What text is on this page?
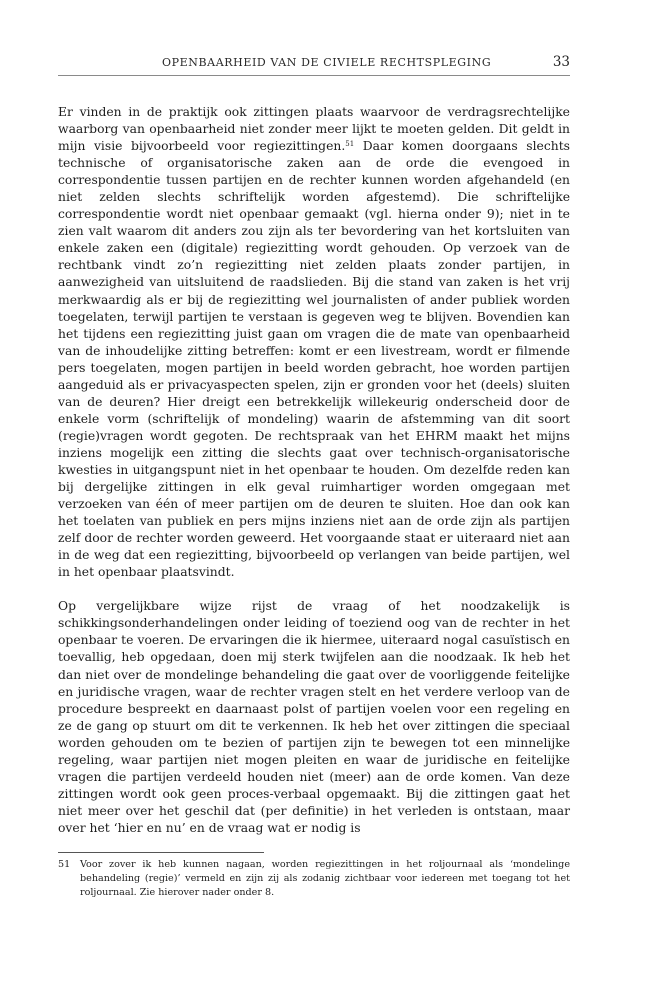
OPENBAARHEID VAN DE CIVIELE RECHTSPLEGING	33

Er vinden in de praktijk ook zittingen plaats waarvoor de verdragsrechtelijke waarborg van openbaarheid niet zonder meer lijkt te moeten gelden. Dit geldt in mijn visie bijvoorbeeld voor regiezittingen.$^{51}$ Daar komen doorgaans slechts technische of organisatorische zaken aan de orde die evengoed in correspondentie tussen partijen en de rechter kunnen worden afgehandeld (en niet zelden slechts schriftelijk worden afgestemd). Die schriftelijke correspondentie wordt niet openbaar gemaakt (vgl. hierna onder 9); niet in te zien valt waarom dit anders zou zijn als ter bevordering van het kortsluiten van enkele zaken een (digitale) regiezitting wordt gehouden. Op verzoek van de rechtbank vindt zo’n regiezitting niet zelden plaats zonder partijen, in aanwezigheid van uitsluitend de raadslieden. Bij die stand van zaken is het vrij merkwaardig als er bij de regiezitting wel journalisten of ander publiek worden toegelaten, terwijl partijen te verstaan is gegeven weg te blijven. Bovendien kan het tijdens een regiezitting juist gaan om vragen die de mate van openbaarheid van de inhoudelijke zitting betreffen: komt er een livestream, wordt er filmende pers toegelaten, mogen partijen in beeld worden gebracht, hoe worden partijen aangeduid als er privacyaspecten spelen, zijn er gronden voor het (deels) sluiten van de deuren? Hier dreigt een betrekkelijk willekeurig onderscheid door de enkele vorm (schriftelijk of mondeling) waarin de afstemming van dit soort (regie)vragen wordt gegoten. De rechtspraak van het EHRM maakt het mijns inziens mogelijk een zitting die slechts gaat over technisch-organisatorische kwesties in uitgangspunt niet in het openbaar te houden. Om dezelfde reden kan bij dergelijke zittingen in elk geval ruimhartiger worden omgegaan met verzoeken van één of meer partijen om de deuren te sluiten. Hoe dan ook kan het toelaten van publiek en pers mijns inziens niet aan de orde zijn als partijen zelf door de rechter worden geweerd. Het voorgaande staat er uiteraard niet aan in de weg dat een regiezitting, bijvoorbeeld op verlangen van beide partijen, wel in het openbaar plaatsvindt.

Op vergelijkbare wijze rijst de vraag of het noodzakelijk is schikkingsonderhandelingen onder leiding of toeziend oog van de rechter in het openbaar te voeren. De ervaringen die ik hiermee, uiteraard nogal casuïstisch en toevallig, heb opgedaan, doen mij sterk twijfelen aan die noodzaak. Ik heb het dan niet over de mondelinge behandeling die gaat over de voorliggende feitelijke en juridische vragen, waar de rechter vragen stelt en het verdere verloop van de procedure bespreekt en daarnaast polst of partijen voelen voor een regeling en ze de gang op stuurt om dit te verkennen. Ik heb het over zittingen die speciaal worden gehouden om te bezien of partijen zijn te bewegen tot een minnelijke regeling, waar partijen niet mogen pleiten en waar de juridische en feitelijke vragen die partijen verdeeld houden niet (meer) aan de orde komen. Van deze zittingen wordt ook geen proces-verbaal opgemaakt. Bij die zittingen gaat het niet meer over het geschil dat (per definitie) in het verleden is ontstaan, maar over het ‘hier en nu’ en de vraag wat er nodig is

51 Voor zover ik heb kunnen nagaan, worden regiezittingen in het roljournaal als ‘mondelinge behandeling (regie)’ vermeld en zijn zij als zodanig zichtbaar voor iedereen met toegang tot het roljournaal. Zie hierover nader onder 8.
